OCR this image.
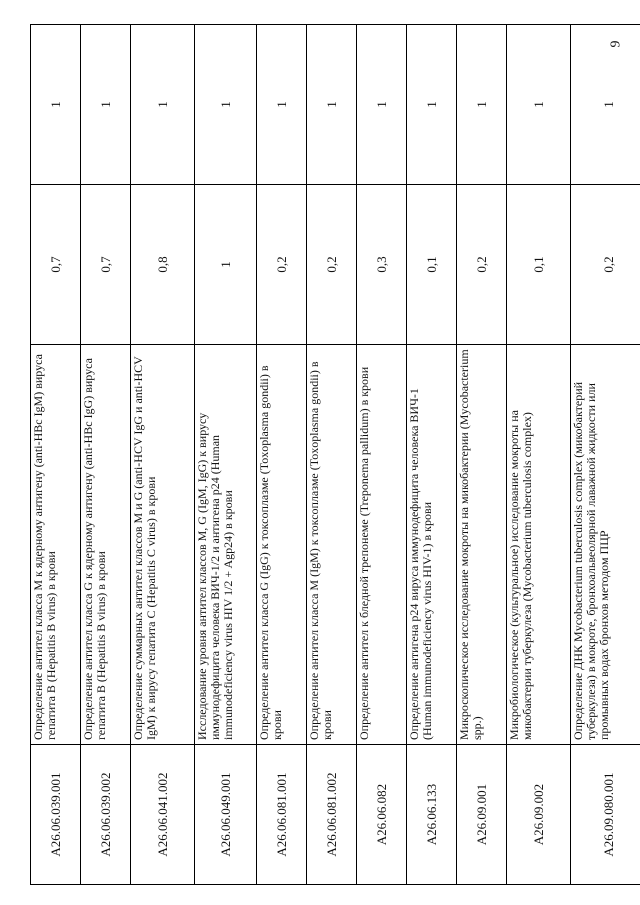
9
A26.06.039.001	Определение антител класса M к ядерному антигену (anti-HBc IgM) вируса гепатита В (Hepatitis B virus) в крови	0,7	1
A26.06.039.002	Определение антител класса G к ядерному антигену (anti-HBc IgG) вируса гепатита В (Hepatitis B virus) в крови	0,7	1
A26.06.041.002	Определение суммарных антител классов M и G (anti-HCV IgG и anti-HCV IgM) к вирусу гепатита С (Hepatitis C virus) в крови	0,8	1
A26.06.049.001	Исследование уровня антител классов M, G (IgM, IgG) к вирусу иммунодефицита человека ВИЧ-1/2 и антигена p24 (Human immunodeficiency virus HIV 1/2 + Agp24) в крови	1	1
A26.06.081.001	Определение антител класса G (IgG) к токсоплазме (Toxoplasma gondii) в крови	0,2	1
A26.06.081.002	Определение антител класса M (IgM) к токсоплазме (Toxoplasma gondii) в крови	0,2	1
A26.06.082	Определение антител к бледной трепонеме (Treponema pallidum) в крови	0,3	1
A26.06.133	Определение антигена p24 вируса иммунодефицита человека ВИЧ-1 (Human immunodeficiency virus HIV-1) в крови	0,1	1
A26.09.001	Микроскопическое исследование мокроты на микобактерии (Mycobacterium spp.)	0,2	1
A26.09.002	Микробиологическое (культуральное) исследование мокроты на микобактерии туберкулеза (Mycobacterium tuberculosis complex)	0,1	1
A26.09.080.001	Определение ДНК Mycobacterium tuberculosis complex (микобактерий туберкулеза) в мокроте, бронхоальвеолярной лаважной жидкости или промывных водах бронхов методом ПЦР	0,2	1
